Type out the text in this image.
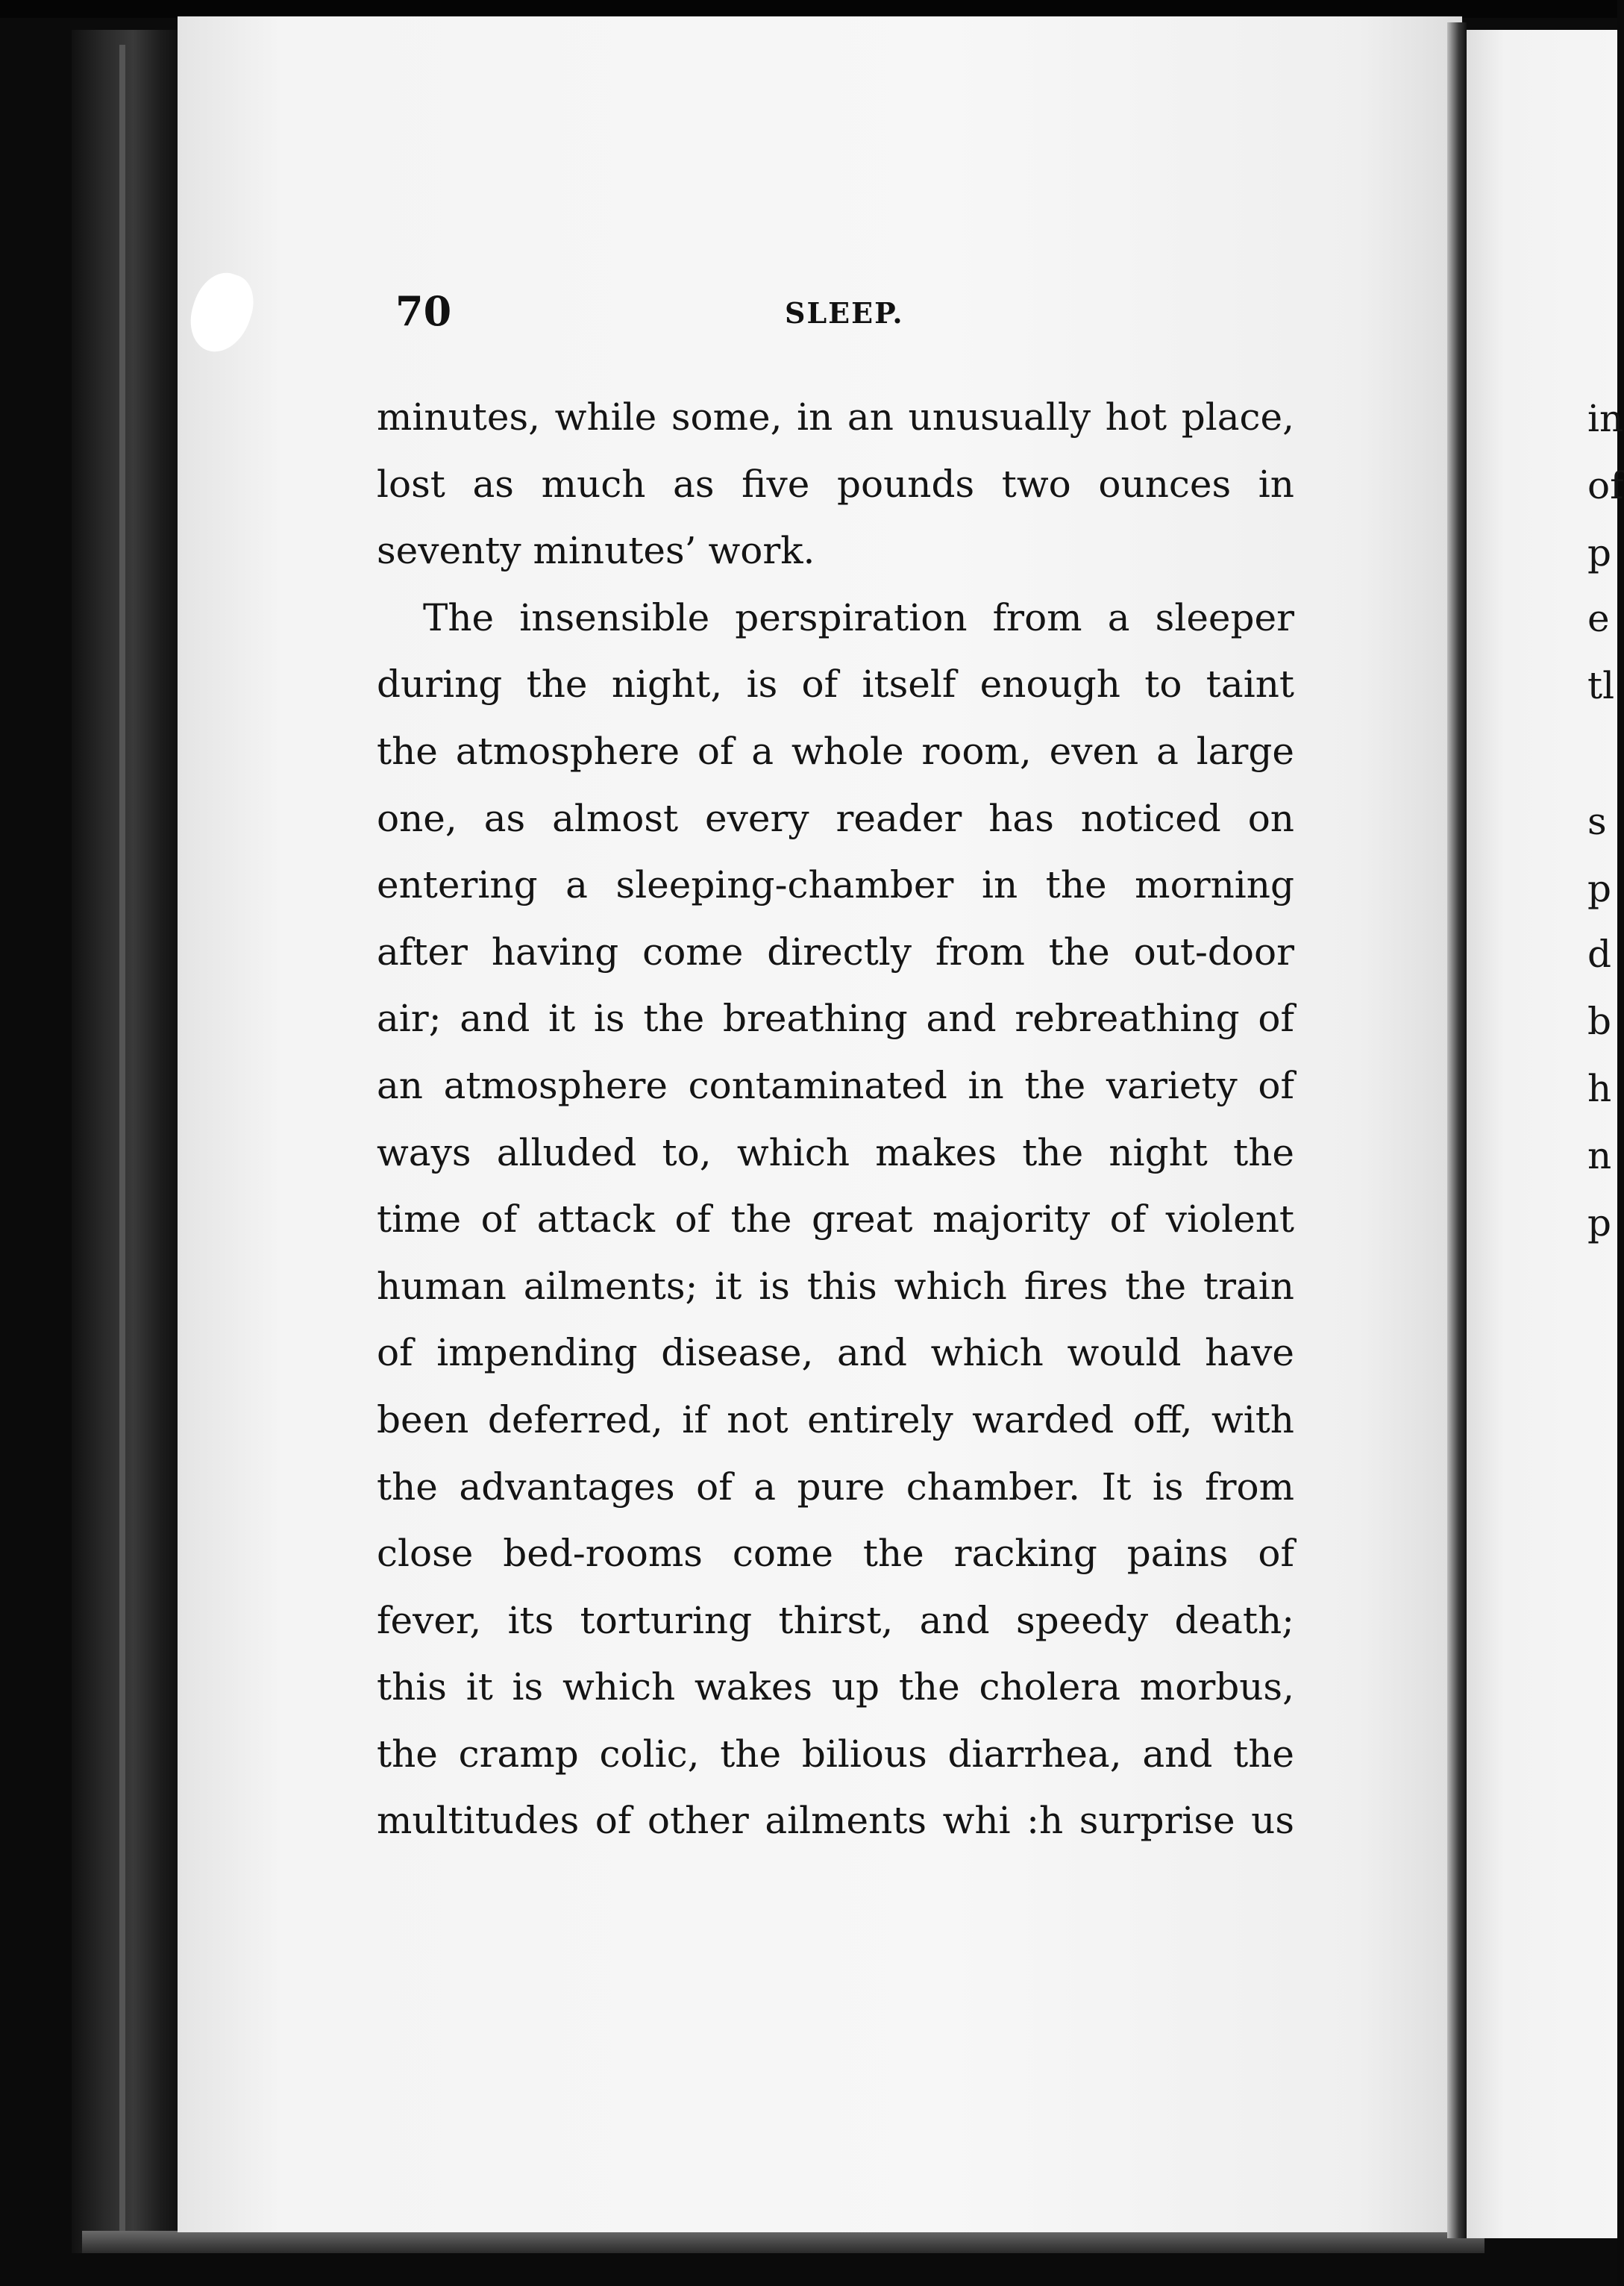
70	SLEEP.
minutes, while some, in an unusually hot place,
lost as much as five pounds two ounces in
seventy minutes’ work.
The insensible perspiration from a sleeper
during the night, is of itself enough to taint
the atmosphere of a whole room, even a large
one, as almost every reader has noticed on
entering a sleeping-chamber in the morning
after having come directly from the out-door
air; and it is the breathing and rebreathing of
an atmosphere contaminated in the variety of
ways alluded to, which makes the night the
time of attack of the great majority of violent
human ailments; it is this which fires the train
of impending disease, and which would have
been deferred, if not entirely warded off, with
the advantages of a pure chamber. It is from
close bed-rooms come the racking pains of
fever, its torturing thirst, and speedy death;
this it is which wakes up the cholera morbus,
the cramp colic, the bilious diarrhea, and the
multitudes of other ailments whi :h surprise us
in
of
p
e
tl
s
p
d
b
h
n
p
